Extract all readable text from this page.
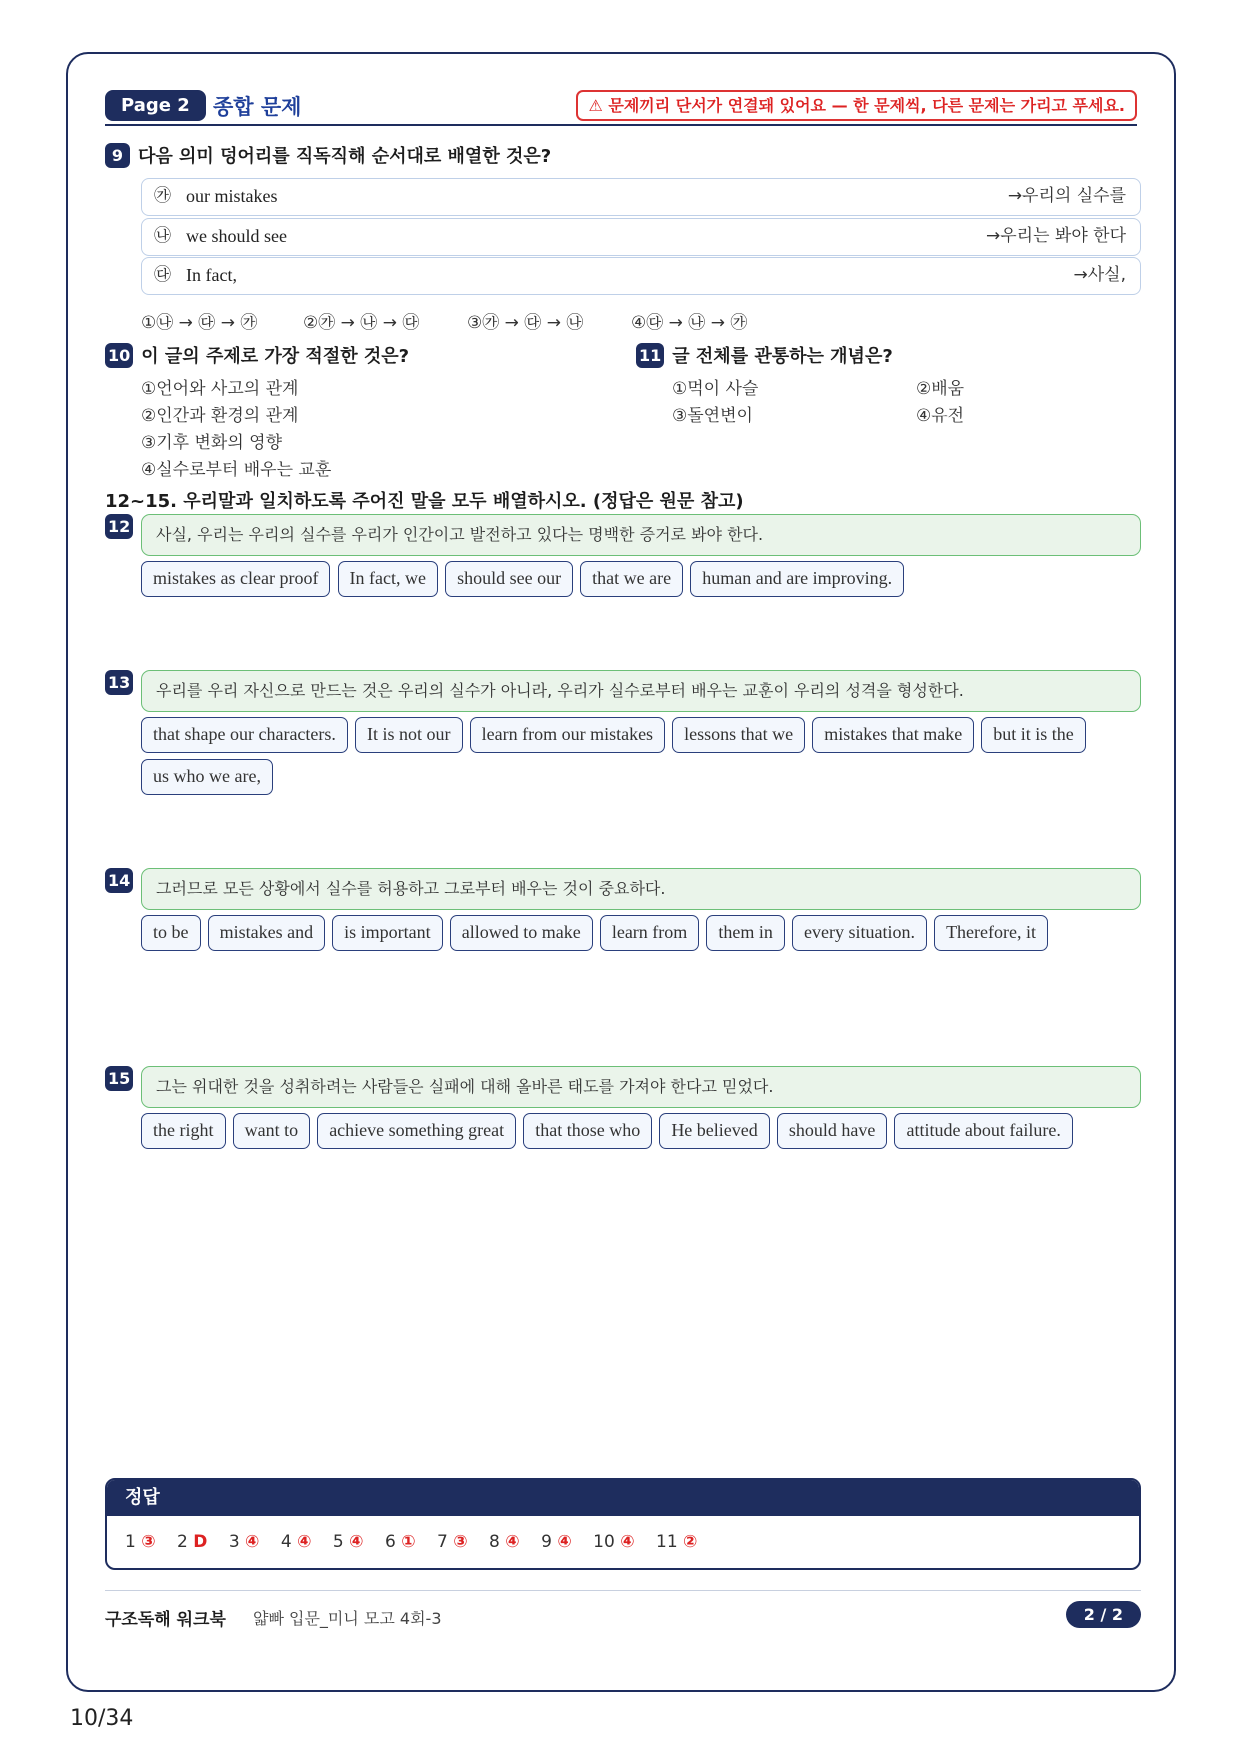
Page 2	종합 문제	⚠ 문제끼리 단서가 연결돼 있어요 — 한 문제씩, 다른 문제는 가리고 푸세요.
9 다음 의미 덩어리를 직독직해 순서대로 배열한 것은?
㉮ our mistakes	→우리의 실수를
㉯ we should see	→우리는 봐야 한다
㉰ In fact,	→사실,
①㉯ → ㉰ → ㉮	②㉮ → ㉯ → ㉰	③㉮ → ㉰ → ㉯	④㉰ → ㉯ → ㉮
10 이 글의 주제로 가장 적절한 것은?
①언어와 사고의 관계
②인간과 환경의 관계
③기후 변화의 영향
④실수로부터 배우는 교훈
11 글 전체를 관통하는 개념은?
①먹이 사슬	②배움
③돌연변이	④유전
12~15. 우리말과 일치하도록 주어진 말을 모두 배열하시오. (정답은 원문 참고)
12	사실, 우리는 우리의 실수를 우리가 인간이고 발전하고 있다는 명백한 증거로 봐야 한다.
mistakes as clear proof In fact, we should see our that we are human and are improving.
13	우리를 우리 자신으로 만드는 것은 우리의 실수가 아니라, 우리가 실수로부터 배우는 교훈이 우리의 성격을 형성한다.
that shape our characters. It is not our learn from our mistakes lessons that we mistakes that make but it is the us who we are,
14	그러므로 모든 상황에서 실수를 허용하고 그로부터 배우는 것이 중요하다.
to be mistakes and is important allowed to make learn from them in every situation. Therefore, it
15	그는 위대한 것을 성취하려는 사람들은 실패에 대해 올바른 태도를 가져야 한다고 믿었다.
the right want to achieve something great that those who He believed should have attitude about failure.
정답
1 ③ 2 D 3 ④ 4 ④ 5 ④ 6 ① 7 ③ 8 ④ 9 ④ 10 ④ 11 ②
구조독해 워크북 얇빠 입문_미니 모고 4회-3	2 / 2
10/34
